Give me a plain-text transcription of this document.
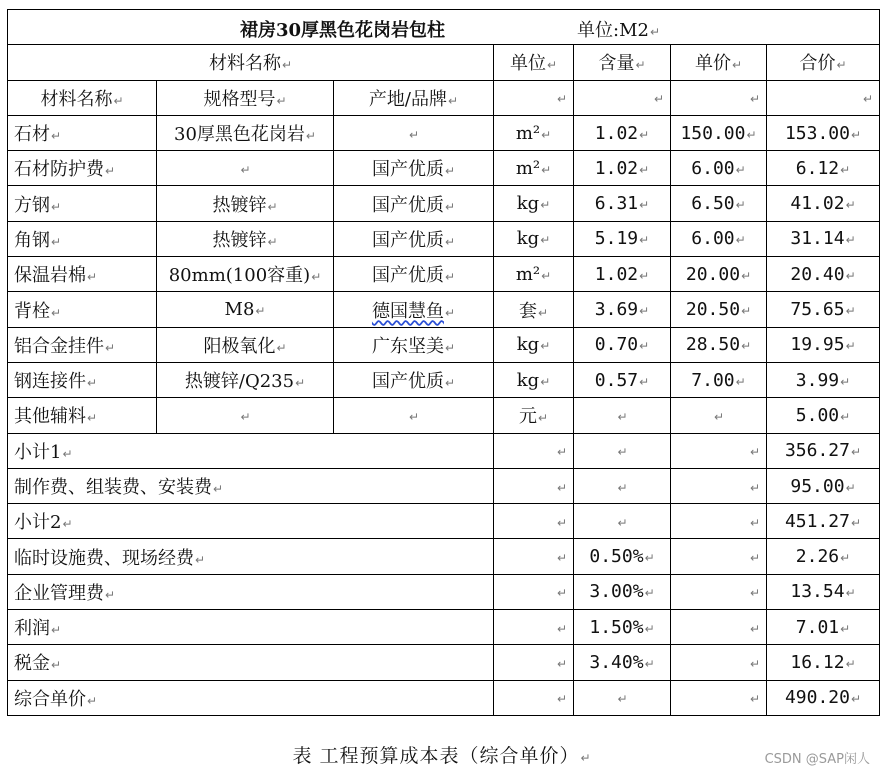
裙房30厚黑色花岗岩包柱 单位:M2↵						

材料名称↵			单位↵	含量↵	单价↵	合价↵
材料名称↵	规格型号↵	产地/品牌↵	↵	↵	↵	↵
石材↵	30厚黑色花岗岩↵	↵	m²↵	1.02↵	150.00↵	153.00↵
石材防护费↵	↵	国产优质↵	m²↵	1.02↵	6.00↵	6.12↵
方钢↵	热镀锌↵	国产优质↵	kg↵	6.31↵	6.50↵	41.02↵
角钢↵	热镀锌↵	国产优质↵	kg↵	5.19↵	6.00↵	31.14↵
保温岩棉↵	80mm(100容重)↵	国产优质↵	m²↵	1.02↵	20.00↵	20.40↵
背栓↵	M8↵	德国慧鱼↵	套↵	3.69↵	20.50↵	75.65↵
铝合金挂件↵	阳极氧化↵	广东坚美↵	kg↵	0.70↵	28.50↵	19.95↵
钢连接件↵	热镀锌/Q235↵	国产优质↵	kg↵	0.57↵	7.00↵	3.99↵
其他辅料↵	↵	↵	元↵	↵	↵	5.00↵
小计1↵			↵	↵	↵	356.27↵
制作费、组装费、安装费↵			↵	↵	↵	95.00↵
小计2↵			↵	↵	↵	451.27↵
临时设施费、现场经费↵			↵	0.50%↵	↵	2.26↵
企业管理费↵			↵	3.00%↵	↵	13.54↵
利润↵			↵	1.50%↵	↵	7.01↵
税金↵			↵	3.40%↵	↵	16.12↵
综合单价↵			↵	↵	↵	490.20↵
表 工程预算成本表（综合单价）↵	CSDN @SAP闲人
